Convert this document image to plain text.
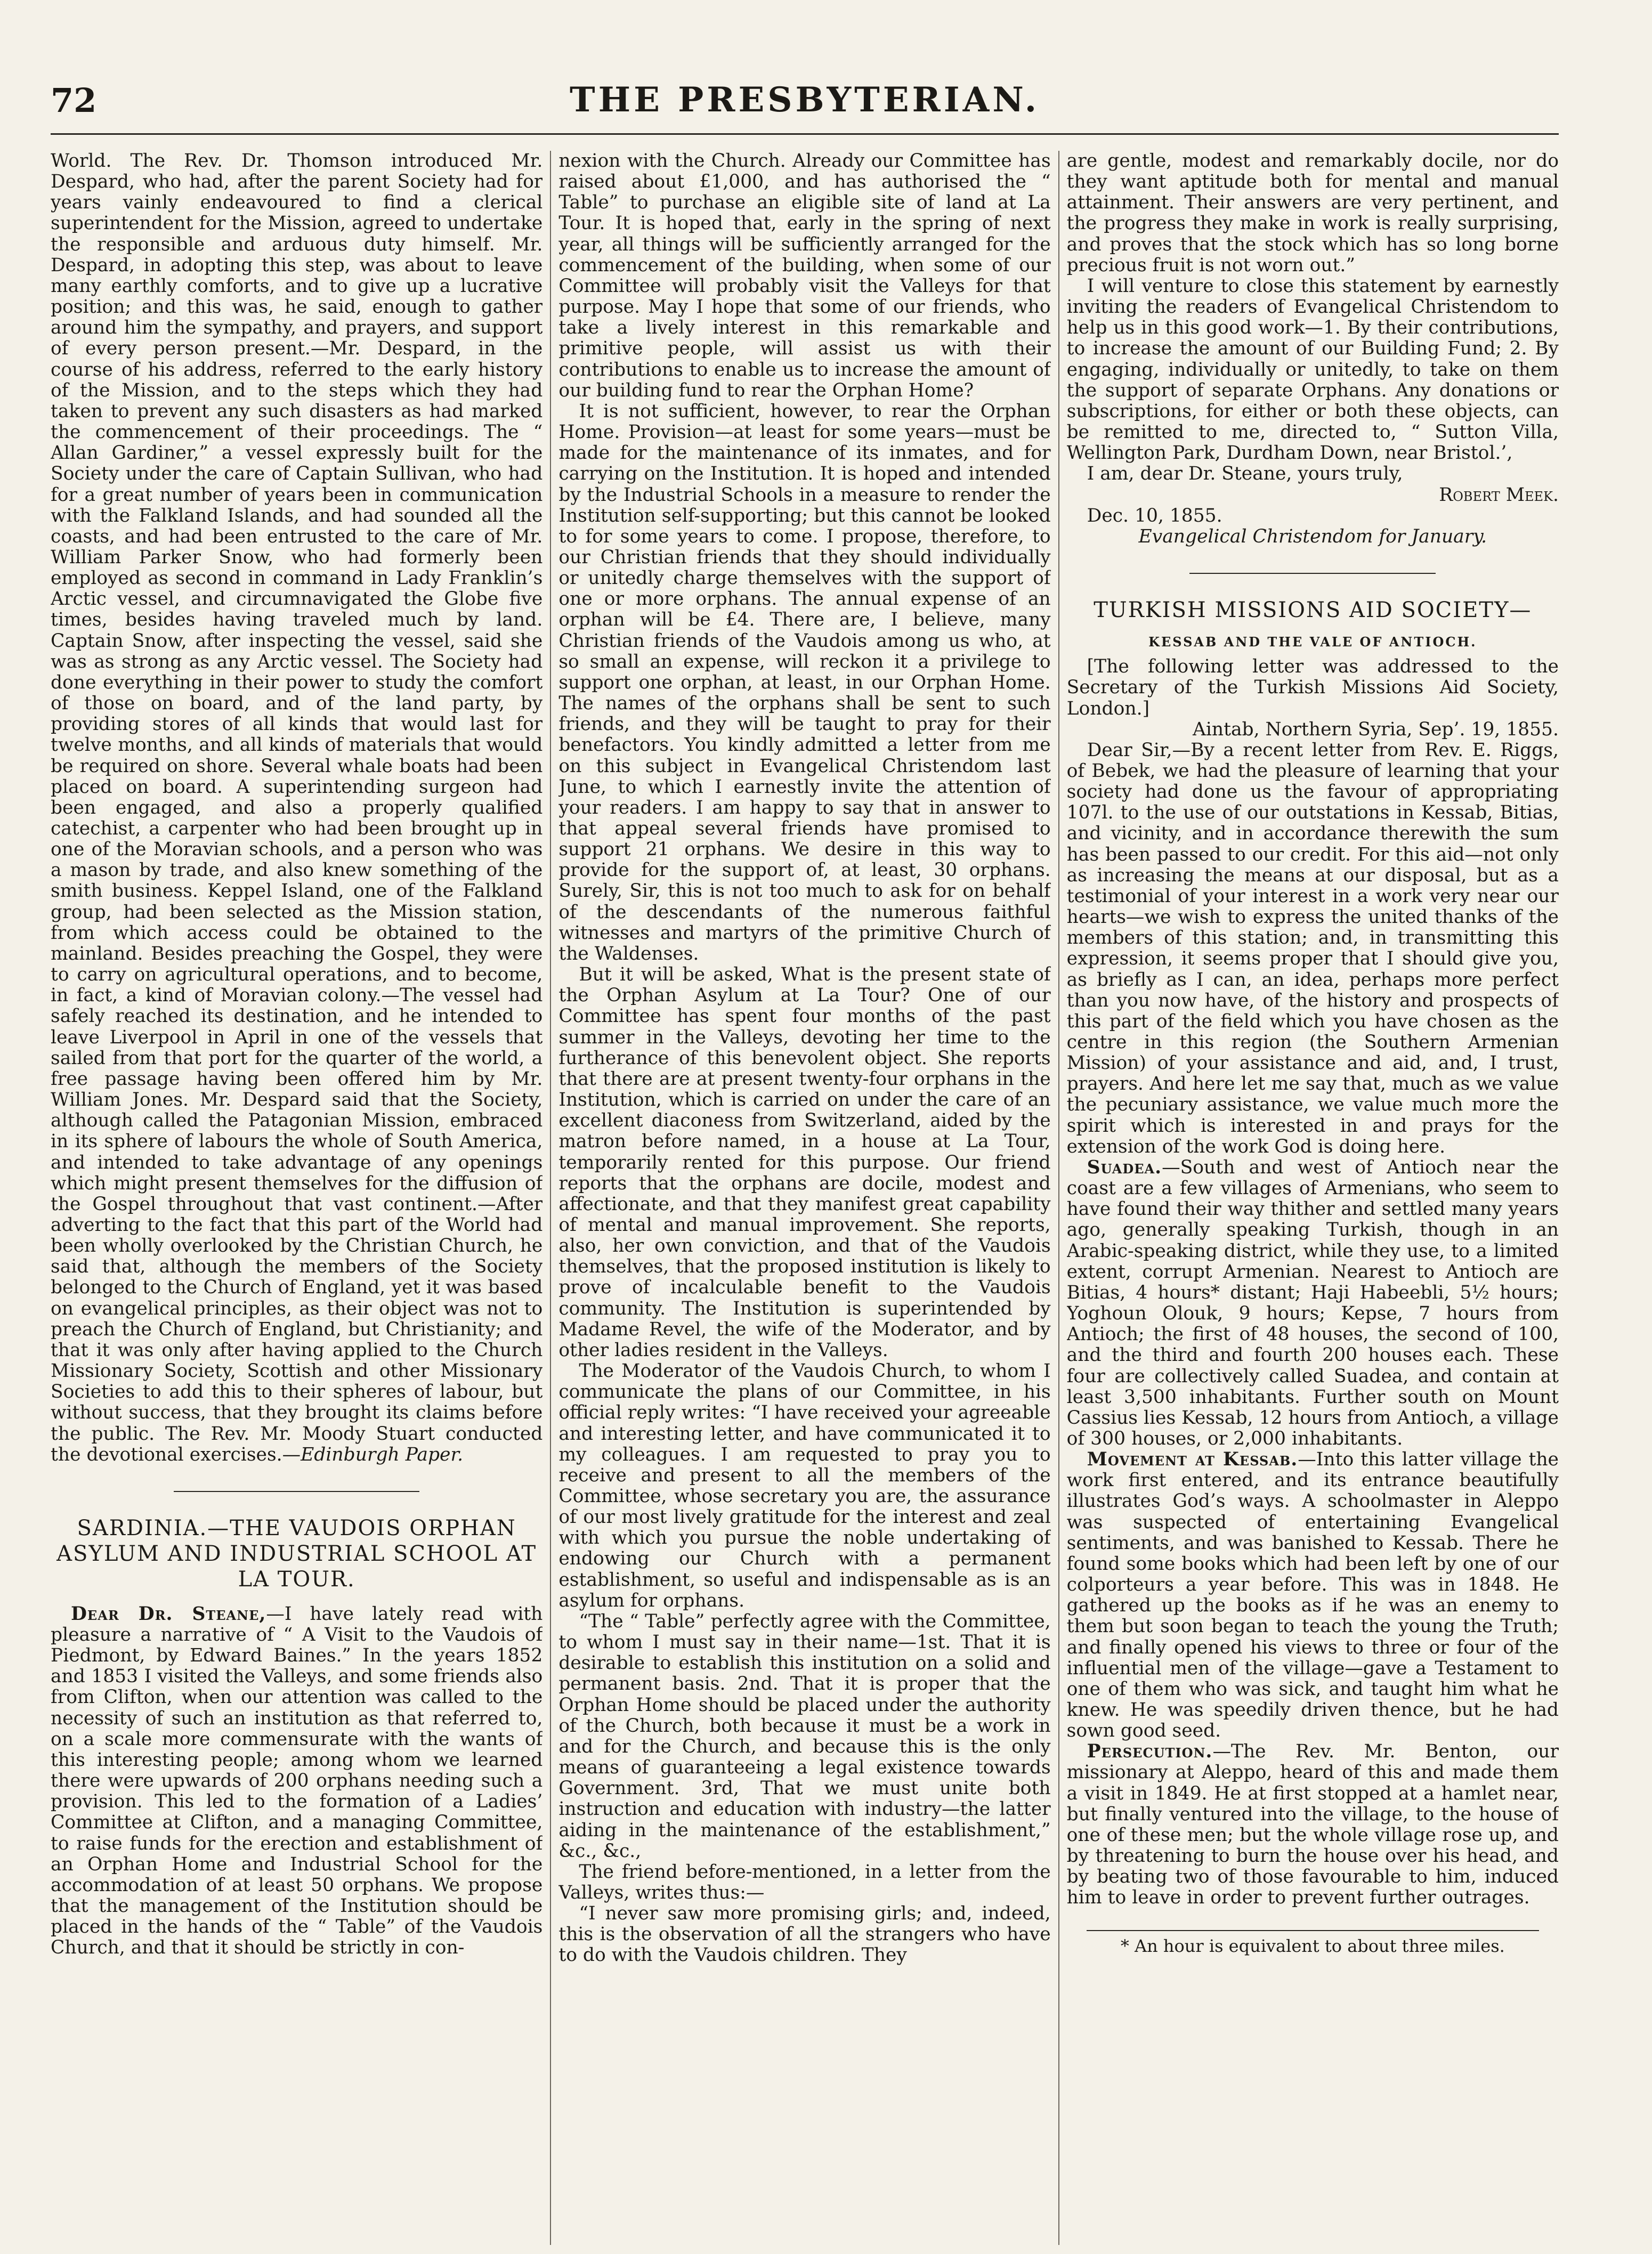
72	THE PRESBYTERIAN.

World. The Rev. Dr. Thomson introduced Mr. Despard, who had, after the parent Society had for years vainly endeavoured to find a clerical superintendent for the Mission, agreed to undertake the responsible and arduous duty himself. Mr. Despard, in adopting this step, was about to leave many earthly comforts, and to give up a lucrative position; and this was, he said, enough to gather around him the sympathy, and prayers, and support of every person present.—Mr. Despard, in the course of his address, referred to the early history of the Mission, and to the steps which they had taken to prevent any such disasters as had marked the commencement of their proceedings. The “ Allan Gardiner,” a vessel expressly built for the Society under the care of Captain Sullivan, who had for a great number of years been in communication with the Falkland Islands, and had sounded all the coasts, and had been entrusted to the care of Mr. William Parker Snow, who had formerly been employed as second in command in Lady Franklin’s Arctic vessel, and circumnavigated the Globe five times, besides having traveled much by land. Captain Snow, after inspecting the vessel, said she was as strong as any Arctic vessel. The Society had done everything in their power to study the comfort of those on board, and of the land party, by providing stores of all kinds that would last for twelve months, and all kinds of materials that would be required on shore. Several whale boats had been placed on board. A superintending surgeon had been engaged, and also a properly qualified catechist, a carpenter who had been brought up in one of the Moravian schools, and a person who was a mason by trade, and also knew something of the smith business. Keppel Island, one of the Falkland group, had been selected as the Mission station, from which access could be obtained to the mainland. Besides preaching the Gospel, they were to carry on agricultural operations, and to become, in fact, a kind of Moravian colony.—The vessel had safely reached its destination, and he intended to leave Liverpool in April in one of the vessels that sailed from that port for the quarter of the world, a free passage having been offered him by Mr. William Jones. Mr. Despard said that the Society, although called the Patagonian Mission, embraced in its sphere of labours the whole of South America, and intended to take advantage of any openings which might present themselves for the diffusion of the Gospel throughout that vast continent.—After adverting to the fact that this part of the World had been wholly overlooked by the Christian Church, he said that, although the members of the Society belonged to the Church of England, yet it was based on evangelical principles, as their object was not to preach the Church of England, but Christianity; and that it was only after having applied to the Church Missionary Society, Scottish and other Missionary Societies to add this to their spheres of labour, but without success, that they brought its claims before the public. The Rev. Mr. Moody Stuart conducted the devotional exercises.—Edinburgh Paper.

SARDINIA.—THE VAUDOIS ORPHAN ASYLUM AND INDUSTRIAL SCHOOL AT LA TOUR.

Dear Dr. Steane,—I have lately read with pleasure a narrative of “ A Visit to the Vaudois of Piedmont, by Edward Baines.” In the years 1852 and 1853 I visited the Valleys, and some friends also from Clifton, when our attention was called to the necessity of such an institution as that referred to, on a scale more commensurate with the wants of this interesting people; among whom we learned there were upwards of 200 orphans needing such a provision. This led to the formation of a Ladies’ Committee at Clifton, and a managing Committee, to raise funds for the erection and establishment of an Orphan Home and Industrial School for the accommodation of at least 50 orphans. We propose that the management of the Institution should be placed in the hands of the “ Table” of the Vaudois Church, and that it should be strictly in con-

nexion with the Church. Already our Committee has raised about £1,000, and has authorised the “ Table” to purchase an eligible site of land at La Tour. It is hoped that, early in the spring of next year, all things will be sufficiently arranged for the commencement of the building, when some of our Committee will probably visit the Valleys for that purpose. May I hope that some of our friends, who take a lively interest in this remarkable and primitive people, will assist us with their contributions to enable us to increase the amount of our building fund to rear the Orphan Home?

It is not sufficient, however, to rear the Orphan Home. Provision—at least for some years—must be made for the maintenance of its inmates, and for carrying on the Institution. It is hoped and intended by the Industrial Schools in a measure to render the Institution self-supporting; but this cannot be looked to for some years to come. I propose, therefore, to our Christian friends that they should individually or unitedly charge themselves with the support of one or more orphans. The annual expense of an orphan will be £4. There are, I believe, many Christian friends of the Vaudois among us who, at so small an expense, will reckon it a privilege to support one orphan, at least, in our Orphan Home. The names of the orphans shall be sent to such friends, and they will be taught to pray for their benefactors. You kindly admitted a letter from me on this subject in Evangelical Christendom last June, to which I earnestly invite the attention of your readers. I am happy to say that in answer to that appeal several friends have promised to support 21 orphans. We desire in this way to provide for the support of, at least, 30 orphans. Surely, Sir, this is not too much to ask for on behalf of the descendants of the numerous faithful witnesses and martyrs of the primitive Church of the Waldenses.

But it will be asked, What is the present state of the Orphan Asylum at La Tour? One of our Committee has spent four months of the past summer in the Valleys, devoting her time to the furtherance of this benevolent object. She reports that there are at present twenty-four orphans in the Institution, which is carried on under the care of an excellent diaconess from Switzerland, aided by the matron before named, in a house at La Tour, temporarily rented for this purpose. Our friend reports that the orphans are docile, modest and affectionate, and that they manifest great capability of mental and manual improvement. She reports, also, her own conviction, and that of the Vaudois themselves, that the proposed institution is likely to prove of incalculable benefit to the Vaudois community. The Institution is superintended by Madame Revel, the wife of the Moderator, and by other ladies resident in the Valleys.

The Moderator of the Vaudois Church, to whom I communicate the plans of our Committee, in his official reply writes: “I have received your agreeable and interesting letter, and have communicated it to my colleagues. I am requested to pray you to receive and present to all the members of the Committee, whose secretary you are, the assurance of our most lively gratitude for the interest and zeal with which you pursue the noble undertaking of endowing our Church with a permanent establishment, so useful and indispensable as is an asylum for orphans.

“The “ Table” perfectly agree with the Committee, to whom I must say in their name—1st. That it is desirable to establish this institution on a solid and permanent basis. 2nd. That it is proper that the Orphan Home should be placed under the authority of the Church, both because it must be a work in and for the Church, and because this is the only means of guaranteeing a legal existence towards Government. 3rd, That we must unite both instruction and education with industry—the latter aiding in the maintenance of the establishment,” &c., &c.,

The friend before-mentioned, in a letter from the Valleys, writes thus:—

“I never saw more promising girls; and, indeed, this is the observation of all the strangers who have to do with the Vaudois children. They

are gentle, modest and remarkably docile, nor do they want aptitude both for mental and manual attainment. Their answers are very pertinent, and the progress they make in work is really surprising, and proves that the stock which has so long borne precious fruit is not worn out.”

I will venture to close this statement by earnestly inviting the readers of Evangelical Christendom to help us in this good work—1. By their contributions, to increase the amount of our Building Fund; 2. By engaging, individually or unitedly, to take on them the support of separate Orphans. Any donations or subscriptions, for either or both these objects, can be remitted to me, directed to, “ Sutton Villa, Wellington Park, Durdham Down, near Bristol.’,

I am, dear Dr. Steane, yours truly,

Robert Meek.

Dec. 10, 1855.

Evangelical Christendom for January.

TURKISH MISSIONS AID SOCIETY—
KESSAB AND THE VALE OF ANTIOCH.

[The following letter was addressed to the Secretary of the Turkish Missions Aid Society, London.]

Aintab, Northern Syria, Sep’. 19, 1855.

Dear Sir,—By a recent letter from Rev. E. Riggs, of Bebek, we had the pleasure of learning that your society had done us the favour of appropriating 107l. to the use of our outstations in Kessab, Bitias, and vicinity, and in accordance therewith the sum has been passed to our credit. For this aid—not only as increasing the means at our disposal, but as a testimonial of your interest in a work very near our hearts—we wish to express the united thanks of the members of this station; and, in transmitting this expression, it seems proper that I should give you, as briefly as I can, an idea, perhaps more perfect than you now have, of the history and prospects of this part of the field which you have chosen as the centre in this region (the Southern Armenian Mission) of your assistance and aid, and, I trust, prayers. And here let me say that, much as we value the pecuniary assistance, we value much more the spirit which is interested in and prays for the extension of the work God is doing here.

Suadea.—South and west of Antioch near the coast are a few villages of Armenians, who seem to have found their way thither and settled many years ago, generally speaking Turkish, though in an Arabic-speaking district, while they use, to a limited extent, corrupt Armenian. Nearest to Antioch are Bitias, 4 hours* distant; Haji Habeebli, 5½ hours; Yoghoun Olouk, 9 hours; Kepse, 7 hours from Antioch; the first of 48 houses, the second of 100, and the third and fourth 200 houses each. These four are collectively called Suadea, and contain at least 3,500 inhabitants. Further south on Mount Cassius lies Kessab, 12 hours from Antioch, a village of 300 houses, or 2,000 inhabitants.

Movement at Kessab.—Into this latter village the work first entered, and its entrance beautifully illustrates God’s ways. A schoolmaster in Aleppo was suspected of entertaining Evangelical sentiments, and was banished to Kessab. There he found some books which had been left by one of our colporteurs a year before. This was in 1848. He gathered up the books as if he was an enemy to them but soon began to teach the young the Truth; and finally opened his views to three or four of the influential men of the village—gave a Testament to one of them who was sick, and taught him what he knew. He was speedily driven thence, but he had sown good seed.

Persecution.—The Rev. Mr. Benton, our missionary at Aleppo, heard of this and made them a visit in 1849. He at first stopped at a hamlet near, but finally ventured into the village, to the house of one of these men; but the whole village rose up, and by threatening to burn the house over his head, and by beating two of those favourable to him, induced him to leave in order to prevent further outrages.

* An hour is equivalent to about three miles.
